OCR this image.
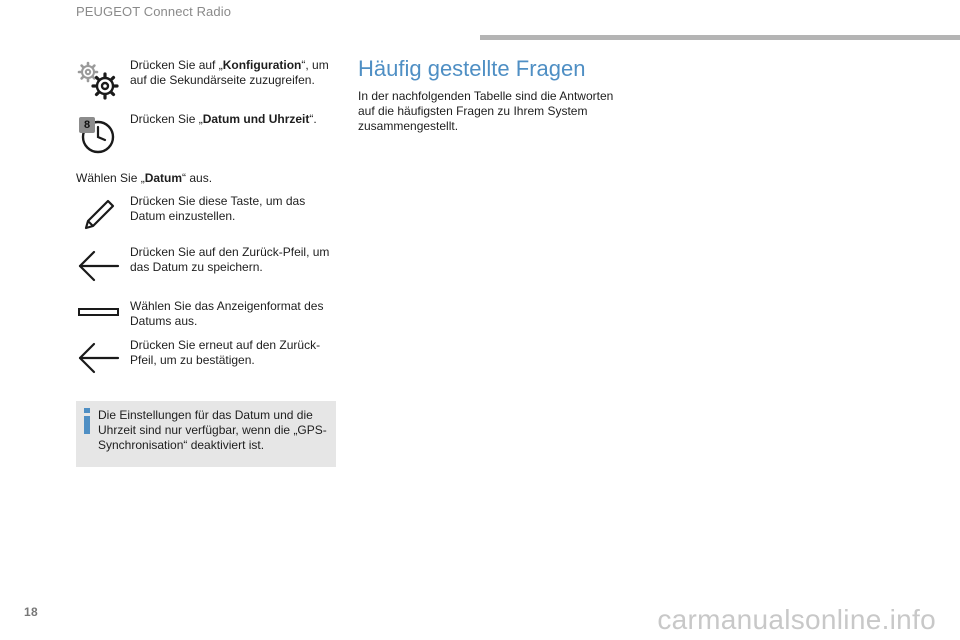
PEUGEOT Connect Radio
Drücken Sie auf „Konfiguration“, um auf die Sekundärseite zuzugreifen.
8	Drücken Sie „Datum und Uhrzeit“.
Wählen Sie „Datum“ aus.
Drücken Sie diese Taste, um das Datum einzustellen.
Drücken Sie auf den Zurück-Pfeil, um das Datum zu speichern.
Wählen Sie das Anzeigenformat des Datums aus.
Drücken Sie erneut auf den Zurück-Pfeil, um zu bestätigen.
Die Einstellungen für das Datum und die Uhrzeit sind nur verfügbar, wenn die „GPS-Synchronisation“ deaktiviert ist.
Häufig gestellte Fragen
In der nachfolgenden Tabelle sind die Antworten auf die häufigsten Fragen zu Ihrem System zusammengestellt.
18	carmanualsonline.info
